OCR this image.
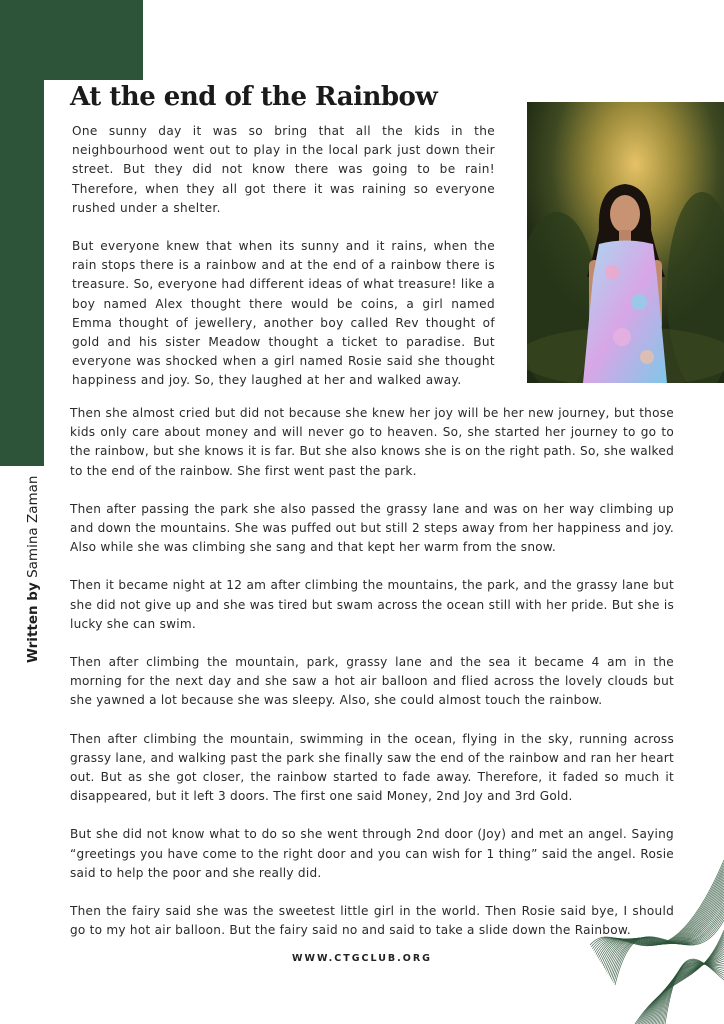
Written by Samina Zaman
At the end of the Rainbow

One sunny day it was so bring that all the kids in the neighbourhood went out to play in the local park just down their street. But they did not know there was going to be rain! Therefore, when they all got there it was raining so everyone rushed under a shelter.

But everyone knew that when its sunny and it rains, when the rain stops there is a rainbow and at the end of a rainbow there is treasure. So, everyone had different ideas of what treasure! like a boy named Alex thought there would be coins, a girl named Emma thought of jewellery, another boy called Rev thought of gold and his sister Meadow thought a ticket to paradise. But everyone was shocked when a girl named Rosie said she thought happiness and joy. So, they laughed at her and walked away.

Then she almost cried but did not because she knew her joy will be her new journey, but those kids only care about money and will never go to heaven. So, she started her journey to go to the rainbow, but she knows it is far. But she also knows she is on the right path. So, she walked to the end of the rainbow. She first went past the park.

Then after passing the park she also passed the grassy lane and was on her way climbing up and down the mountains. She was puffed out but still 2 steps away from her happiness and joy. Also while she was climbing she sang and that kept her warm from the snow.

Then it became night at 12 am after climbing the mountains, the park, and the grassy lane but she did not give up and she was tired but swam across the ocean still with her pride. But she is lucky she can swim.

Then after climbing the mountain, park, grassy lane and the sea it became 4 am in the morning for the next day and she saw a hot air balloon and flied across the lovely clouds but she yawned a lot because she was sleepy. Also, she could almost touch the rainbow.

Then after climbing the mountain, swimming in the ocean, flying in the sky, running across grassy lane, and walking past the park she finally saw the end of the rainbow and ran her heart out. But as she got closer, the rainbow started to fade away. Therefore, it faded so much it disappeared, but it left 3 doors. The first one said Money, 2nd Joy and 3rd Gold.

But she did not know what to do so she went through 2nd door (Joy) and met an angel. Saying “greetings you have come to the right door and you can wish for 1 thing” said the angel. Rosie said to help the poor and she really did.

Then the fairy said she was the sweetest little girl in the world. Then Rosie said bye, I should go to my hot air balloon. But the fairy said no and said to take a slide down the Rainbow.

WWW.CTGCLUB.ORG
